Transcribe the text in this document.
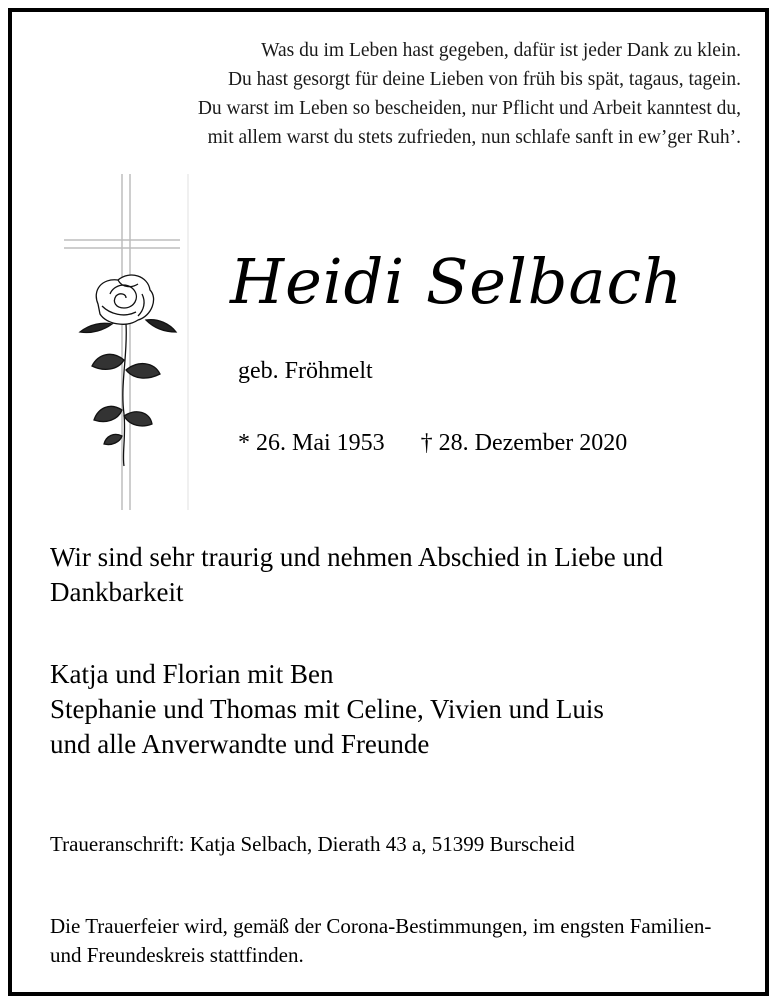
Was du im Leben hast gegeben, dafür ist jeder Dank zu klein.
Du hast gesorgt für deine Lieben von früh bis spät, tagaus, tagein.
Du warst im Leben so bescheiden, nur Pflicht und Arbeit kanntest du,
mit allem warst du stets zufrieden, nun schlafe sanft in ew’ger Ruh’.
Heidi Selbach
geb. Fröhmelt
* 26. Mai 1953 † 28. Dezember 2020
Wir sind sehr traurig und nehmen Abschied in Liebe und Dankbarkeit
Katja und Florian mit Ben
Stephanie und Thomas mit Celine, Vivien und Luis
und alle Anverwandte und Freunde
Traueranschrift: Katja Selbach, Dierath 43 a, 51399 Burscheid
Die Trauerfeier wird, gemäß der Corona-Bestimmungen, im engsten Familien- und Freundeskreis stattfinden.
